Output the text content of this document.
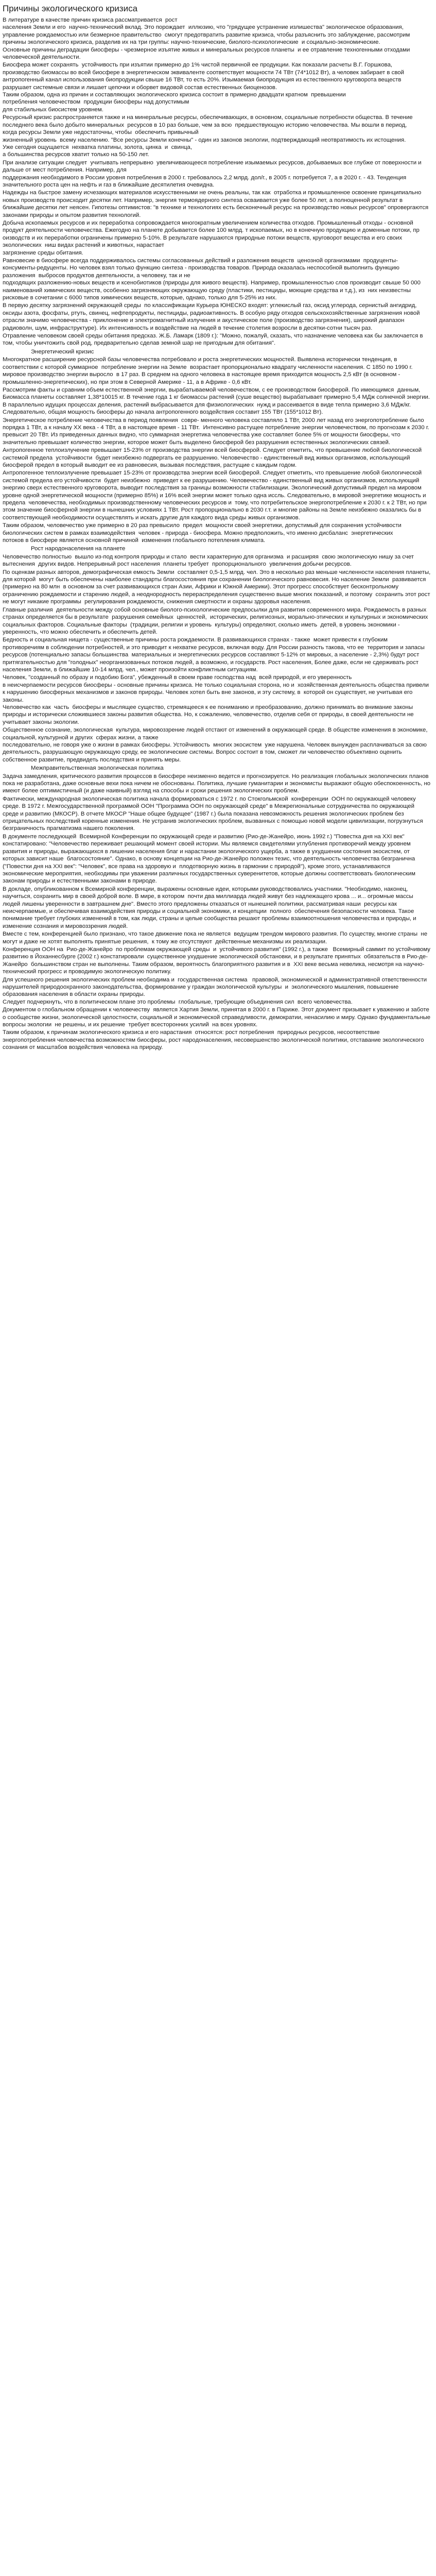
Причины экологического кризиса

В литературе в качестве причин кризиса рассматривается  рост
населения Земли и его  научно-технический вклад. Это порождает  иллюзию, что "грядущее устранение излишества" экологическое образования, управление рождаемостью или безмерное правительство  смогут предотвратить развитие кризиса, чтобы разъяснить это заблуждение, рассмотрим причины экологического кризиса, разделив их на три группы: научно-технические, биолого-психологические  и социально-экономические.
Основные причины деградации биосферы - чрезмерное изъятие живых и минеральных ресурсов планеты  и ее отравление техногенными отходами человеческой деятельности.

Биосфера может сохранять  устойчивость при изъятии примерно до 1% чистой первичной ее продукции. Как показали расчеты В.Г. Горшкова, производство биомассы во всей биосфере в энергетическом эквиваленте соответствует мощности 74 ТВт (74*1012 Вт), а человек забирает в свой антропогенный канал использования биопродукции свыше 16 ТВт, то есть 20%. Изымаемая биопродукция из естественного круговорота веществ разрушает системные связи и лишает цепочки и оборвет видовой состав естественных биоценозов.
Таким образом, одна из причин и составляющих экологического кризиса состоит в примерно двадцати кратном  превышении
потребления человечеством  продукции биосферы над допустимым
для стабильных биосистем уровнем.

Ресурсный кризис распространяется также и на минеральные ресурсы, обеспечивающих, в основном, социальные потребности общества. В течение последнего века было добыто минеральных  ресурсов в 10 раз больше, чем за всю  предшествующую историю человечества. Мы вошли в период,
когда ресурсы Земли уже недостаточны, чтобы  обеспечить привычный
жизненный уровень  всему населению. "Все ресурсы Земли конечны" - один из законов экологии, подтверждающий неотвратимость их истощения.
Уже сегодня ощущается  нехватка платины, золота, цинка  и  свинца,
а большинства ресурсов хватит только на 50-150 лет.

При анализе ситуации следует  учитывать непрерывно  увеличивающееся потребление изымаемых ресурсов, добываемых все глубже от поверхности и дальше от мест потребления. Например, для
поддержания необходимого в России уровня потребления в 2000 г. требовалось 2,2 млрд. дол/г., в 2005 г. потребуется 7, а в 2020 г. - 43. Тенденция значительного роста цен на нефть и газ в ближайшие десятилетия очевидна.

Надежды на быстрое замену исчезающих материалов искусственными не очень реальны, так как  отработка и промышленное освоение принципиально новых производств происходит десятки лет. Например, энергия термоядерного синтеза осваивается уже более 50 лет, а полноценной результат в ближайшие десятки лет неясен. Гипотезы оптимистов: "в технике и технологиях есть бесконечный ресурс на производство новых ресурсов" опровергаются законами природы и опытом развития технологий.

Добыча ископаемых ресурсов и их переработка сопровождается многократным увеличением количества отходов. Промышленный отходы - основной продукт деятельности человечества. Ежегодно на планете добывается более 100 млрд. т ископаемых, но в конечную продукцию и доменные потоки, пр оизводств и их переработки ограничены примерно 5-10%. В результате нарушаются природные потоки веществ, круговорот вещества и его своих экологических  ниш видах растений и животных, нарастает
загрязнение среды обитания.

Равновесие в биосфере всегда поддерживалось системы согласованных действий и разложения веществ  ценозной организмами  продуценты-консументы-редуценты. Но человек взял только функцию синтеза - производства товаров. Природа оказалась неспособной выполнить функцию разложения  выбросов продуктов деятельности, а человеку, так и не
подходящих разложению-новых веществ и ксенобиотиков (природы для живого веществ). Например, промышленностью слов производит свыше 50 000 наименований химических веществ, особенно загрязняющих окружающую среду (пластики, пестициды, моющие средства и т.д.), из  них неизвестны рисковые в сочетании с 6000 типов химических веществ, которые, однако, только для 5-25% из них.

В первую десятку загрязнений окружающей среды  по классификации Курьера ЮНЕСКО входят: углекислый газ, оксид углерода, сернистый ангидрид, оксиды азота, фосфаты, ртуть, свинец, нефтепродукты, пестициды, радиоактивность. В особую ряду отходов сельскохозяйственные загрязнения новой отрасли значимо человечества - приклонение и электромагнитный излучения и акустическое поле (производство загрязнения), широкий диапазон радиоволн, шум, инфраструктуре). Их интенсивность и воздействие на людей в течение столетия возросли в десятки-сотни тысяч раз.

Отравление человеком своей среды обитания предсказ. Ж.Б. Ламарк (1809 г.): "Можно, пожалуй, сказать, что назначение человека как бы заключается в том, чтобы уничтожить свой род, предварительно сделав земной шар не пригодным для обитания".

Энергетический кризис

Многократное расширение ресурсной базы человечества потребовало и роста энергетических мощностей. Выявлена исторически тенденция, в соответствии с которой суммарное  потребление энергии на Земле  возрастает пропорционально квадрату численности населения. С 1850 по 1990 г. мировое производство энергии выросло  в 17 раз. В среднем на одного человека в настоящее время приходится мощность 2,5 кВт (в основном - промышленно-энергетических), но при этом в Северной Америке - 11, а в Африке - 0,6 кВт.

Рассмотрим факты и сравним объем естественной энергии, вырабатываемой человечеством, с ее производством биосферой. По имеющимся  данным, Биомасса планеты составляет 1,38*10015 кг. В течение года 1 кг биомассы растений (суше вещество) вырабатывает примерно 5,4 МДж солнечной энергии. В параллельно идущих процессах деления, растений выбрасывается для физиологических  нужд и рассеивается в виде тепла примерно 3,6 МДж/кг. Следовательно, общая мощность биосферы до начала антропогенного воздействия составит 155 ТВт (155*1012 Вт).

Энергетическое потребление человечества в период появления  совре- менного человека составляло 1 ТВт, 2000 лет назад его энергопотребление было порядка 1 ТВт, а к началу XX века - 4 ТВт, а в настоящее время - 11 ТВт.  Интенсивно растущее потребление энергии человечеством, по прогнозам к 2030 г. превысит 20 ТВт. Из приведенных данных видно, что суммарная энергетика человечества уже составляет более 5% от мощности биосферы, что значительно превышает количество энергии, которое может быть выделено биосферой без разрушения естественных экологических связей.

Антропогенное теплоизлучение превышает 15-23% от производства энергии всей биосферой. Следует отметить, что превышение любой биологической системой предела  устойчивости  будет неизбежно подвергать ее разрушению. Человечество - единственный вид живых организмов, использующий биосферой предел в который выводит ее из равновесия, вызывая последствия, растущие с каждым годом.

Антропогенное теплоизлучение превышает 15-23% от производства энергии всей биосферой. Следует отметить, что превышение любой биологической системой предела его устойчивости  будет неизбежно  приведет к ее разрушению. Человечество - единственный вид живых организмов, использующий энергию сверх естественного круговорота, выводит последствия за границы возможности стабилизации. Экологический допустимый предел на мировом уровне одной энергетической мощности (примерно 85%) и 16% всей энергии может только одна иссль. Следовательно, в мировой энергетике мощность и предела  человечества, необходимых производственному человеческих ресурсов и  тому, что потребительское энергопотребление к 2030 г. к 2 ТВт, но при этом значение биосферной энергии в нынешних условиях 1 ТВт. Рост пропорционально в 2030 г.т. и многие районы на Земле неизбежно оказались бы в соответствующей необходимости осуществлять и искать другие для каждого вида среды живых организмов.

Таким образом, человечество уже примерно в 20 раз превысило  предел  мощности своей энергетики, допустимый для сохранения устойчивости биологических систем в рамках взаимодействия  человек - природа - биосфера. Можно предположить, что именно дисбаланс  энергетических
потоков в биосфере является основной причиной  изменения глобального потепления климата.

Рост народонаселения на планете

Человечество полностью  вышло из-под контроля природы и стало  вести характерную для организма  и расширяя  свою экологическую нишу за счет вытеснения  других видов. Непрерывный рост населения  планеты требует  пропорционального  увеличения добычи ресурсов.

По оценкам разных авторов, демографическая емкость Земли  составляет 0,5-1,5 млрд. чел. Это в несколько раз меньше численности населения планеты, для которой  могут быть обеспечены наиболее стандарты благосостояния при сохранении биологического равновесия. Но население Земли  развивается (примерно на 80 млн  в основном за счет развивающихся стран Азии, Африки и Южной Америки). Этот прогресс способствует бесконтрольному ограничению рождаемости и старению людей, а неоднородность перераспределения существенно выше многих показаний, и поэтому  сохранить этот рост не могут никакие программы  регулирования рождаемости, снижения смертности и охраны здоровья населения.

Главные различия  деятельности между собой основные биолого-психологические предпосылки для развития современного мира. Рождаемость в разных странах определяется бы в результате  разрушения семейных  ценностей,  исторических, религиозных, морально-этических и культурных и экономических социальных факторов. Социальные факторы  (традиции, религии и уровень  культуры) определяют, сколько иметь  детей, в уровень экономики - уверенность, что можно обеспечить и обеспечить детей.

Бедность и социальная нищета - существенные причины роста рождаемости. В развивающихся странах - также  может привести к глубоким   противоречиям в соблюдении потребностей, и это приводит к нехватке ресурсов, включая воду. Для России разность такова, что ее  территория и запасы ресурсов (потенциально запасы большинства  материальных и энергетических ресурсов составляют 5-12% от мировых, а население - 2,3%) будут рост притягательностью для "голодных" неорганизованных потоков людей, а возможно, и государств. Рост населения, Более даже, если не сдерживать рост населения Земли, в ближайшие 10-14 млрд. чел., может произойти конфликтным ситуациям.

Человек, "созданный по образу и подобию Бога", убежденный в своем праве господства над  всей природой, и его уверенность
в неисчерпаемости ресурсов биосферы - основные причины кризиса. Не только социальная сторона, но и  хозяйственная деятельность общества привели к нарушению биосферных механизмов и законов природы. Человек хотел быть вне законов, и эту систему, в  которой он существует, не учитывая его законы.
Человечество как  часть  биосферы и мыслящее существо, стремящееся к ее пониманию и преобразованию, должно принимать во внимание законы природы и исторически сложившиеся законы развития общества. Но, к сожалению, человечество, отделив себя от природы, в своей деятельности не учитывает законы экологии.

Общественное сознание, экологическая  культура, мировоззрение людей отстают от изменений в окружающей среде. В обществе изменения в экономике, социальной, культурной и других  сферах жизни, а также
последовательно, не говоря уже о жизни в рамках биосферы. Устойчивость  многих экосистем  уже нарушена. Человек вынужден расплачиваться за свою деятельность, разрушающую окружающую среду, ее экологические системы. Вопрос состоит в том, сможет ли человечество объективно оценить собственное развитие, предвидеть последствия и принять меры.

Межправительственная экологическая политика

Задача замедления, критического развития процессов в биосфере неизменно ведется и прогнозируется. Но реализация глобальных экологических планов пока не разработана, даже основные вехи пока ничем не обоснованы. Политика, лучшие гуманитарии и экономисты выражают общую обеспокоенность, но имеют более оптимистичный (и даже наивный) взгляд на способы и сроки решения экологических проблем.

Фактически, международная экологическая политика начала формироваться с 1972 г. по Стокгольмской  конференции  ООН по окружающей человеку среде. В 1972 г. Межгосударственной программой ООН "Программа ООН по окружающей среде" в Межрегиональные сотрудничества по окружающей среде и развитию (МКОСР). В отчете МКОСР "Наше общее будущее" (1987 г.) была показана невозможность решения экологических проблем без отрицательных последствий коренные изменения. Не устранив экологических проблем, вызванных с помощью новой модели цивилизации, погрузнуться безграничность прагматизма нашего поколения.

В документе последующей  Всемирной Конференции по окружающей среде и развитию (Рио-де-Жанейро, июнь 1992 г.) "Повестка дня на XXI век" констатировано: "Человечество переживает решающий момент своей истории. Мы являемся свидетелями углубления противоречий между уровнем развития и природы, выражающихся в лишении населения благ и нарастании экологического ущерба, а также в ухудшении состояния экосистем, от которых зависит наше  благосостояние". Однако, в основу концепции на Рио-де-Жанейро положен тезис, что деятельность человечества безгранична ("Повестки дня на XXI век": "Человек", все права на здоровую и  плодотворную жизнь в гармонии с природой"), кроме этого, устанавливаются экономические мероприятия, необходимы при уважении различных государственных суверенитетов, которые должны соответствовать биологическим законам природы и естественными законами в природе.

В докладе, опубликованном к Всемирной конференции, выражены основные идеи, которыми руководствовались участники. "Необходимо, наконец, научиться, сохранить мир в своей доброй воле. В мире, в котором  почти два миллиарда людей живут без надлежащего крова ... и... огромные массы людей лишены уверенности в завтрашнем дне". Вместо этого предложены отказаться от нынешней политики, рассматривая наши  ресурсы как неисчерпаемые, и обеспечивая взаимодействия природы и социальной экономики, и концепции  полного  обеспечения безопасности человека. Такое понимание требует глубоких изменений в том, как люди, страны и целые сообщества решают проблемы взаимоотношения человечества и природы, и изменение сознания и мировоззрения людей.

Вместе с тем, конференцией было признано, что такое движение пока не является  ведущим трендом мирового развития. По существу, многие страны  не могут и даже не хотят выполнять принятые решения,  к тому же отсутствуют  действенные механизмы их реализации.

Конференция ООН на  Рио-де-Жанейро  по проблемам окружающей среды  и  устойчивого развития" (1992 г.), а также   Всемирный саммит по устойчивому развитию в Йоханнесбурге (2002 г.) констатировали  существенное ухудшение экологической обстановки, и в результате принятых  обязательств в Рио-де-Жанейро  большинством стран не выполнены. Таким образом, вероятность благоприятного развития и в  XXI веке весьма невелика, несмотря на научно-технический прогресс и проводимую экологическую политику.

Для успешного решения экологических проблем необходима и  государственная система   правовой, экономической и административной ответственности  нарушителей природоохранного законодательства, формирование у граждан экологической культуры  и  экологического мышления, повышение образования населения в области охраны природы.
Следует подчеркнуть, что в политическом плане это проблемы  глобальные, требующие объединения сил  всего человечества.

Документом о глобальном обращении к человечеству  является Хартия Земли, принятая в 2000 г. в Париже. Этот документ призывает к уважению и заботе о сообществе жизни, экологической целостности, социальной и экономической справедливости, демократии, ненасилию и миру. Однако фундаментальные вопросы экологии  не решены, и их решение  требует всесторонних усилий  на всех уровнях.

Таким образом, к причинам экологического кризиса и его нарастания  относятся: рост потребления  природных ресурсов, несоответствие  энергопотребления человечества возможностям биосферы, рост народонаселения, несовершенство экологической политики, отставание экологического сознания от масштабов воздействия человека на природу.
